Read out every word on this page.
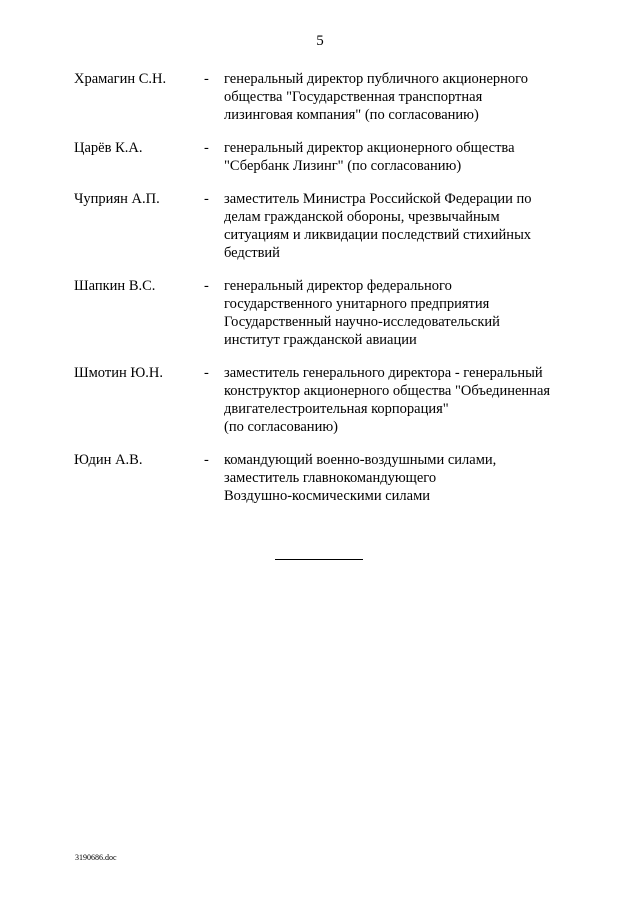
5
Храмагин С.Н.	-	генеральный директор публичного акционерного
общества "Государственная транспортная
лизинговая компания" (по согласованию)
Царёв К.А.	-	генеральный директор акционерного общества
"Сбербанк Лизинг" (по согласованию)
Чуприян А.П.	-	заместитель Министра Российской Федерации по
делам гражданской обороны, чрезвычайным
ситуациям и ликвидации последствий стихийных
бедствий
Шапкин В.С.	-	генеральный директор федерального
государственного унитарного предприятия
Государственный научно-исследовательский
институт гражданской авиации
Шмотин Ю.Н.	-	заместитель генерального директора - генеральный
конструктор акционерного общества "Объединенная
двигателестроительная корпорация"
(по согласованию)
Юдин А.В.	-	командующий военно-воздушными силами,
заместитель главнокомандующего
Воздушно-космическими силами
3190686.doc
